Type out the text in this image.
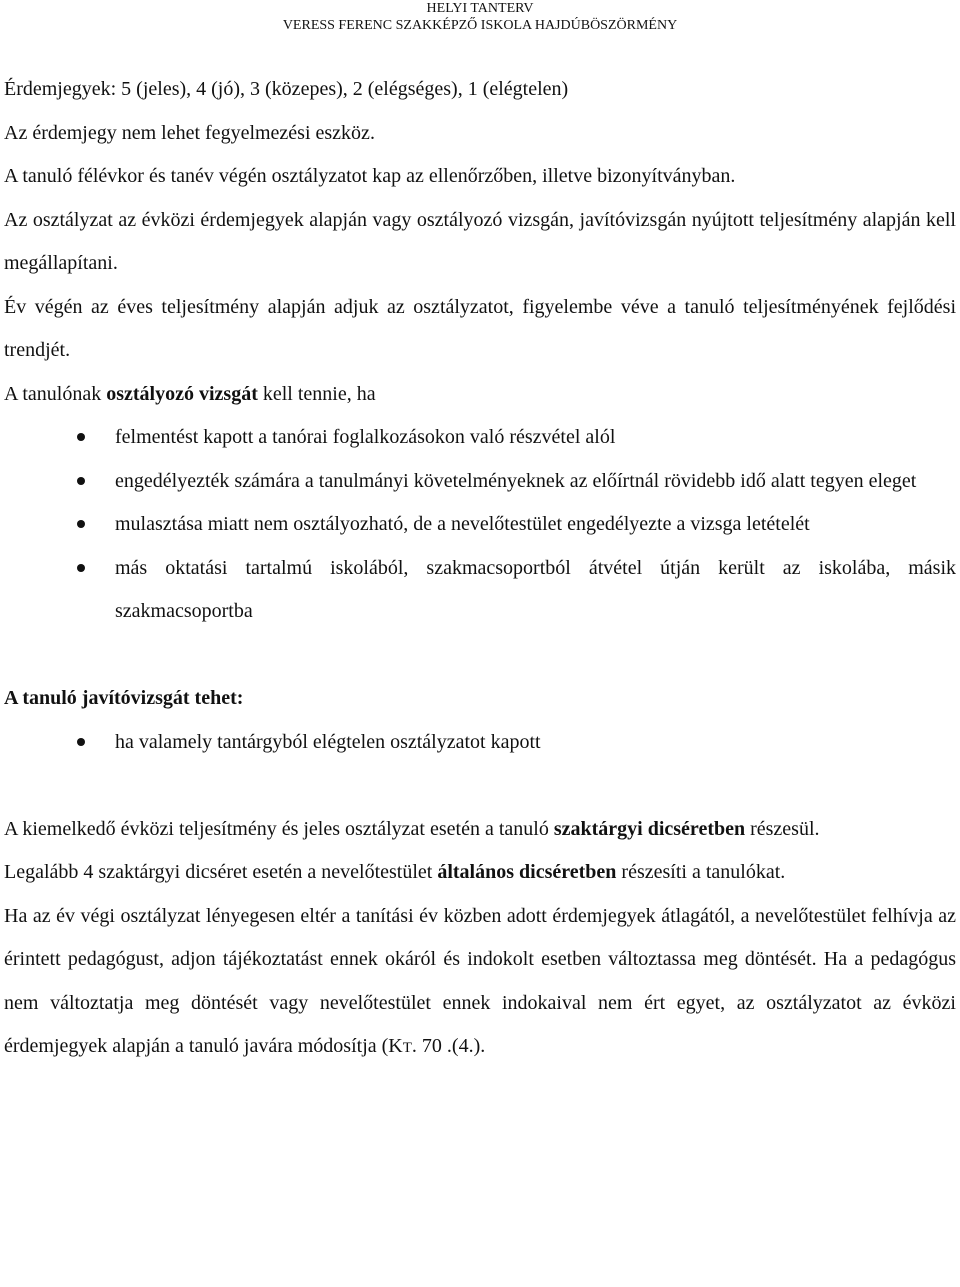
HELYI TANTERV
VERESS FERENC SZAKKÉPZŐ ISKOLA HAJDÚBÖSZÖRMÉNY

Érdemjegyek: 5 (jeles), 4 (jó), 3 (közepes), 2 (elégséges), 1 (elégtelen)

Az érdemjegy nem lehet fegyelmezési eszköz.

A tanuló félévkor és tanév végén osztályzatot kap az ellenőrzőben, illetve bizonyítványban.

Az osztályzat az évközi érdemjegyek alapján vagy osztályozó vizsgán, javítóvizsgán nyújtott teljesítmény alapján kell megállapítani.

Év végén az éves teljesítmény alapján adjuk az osztályzatot, figyelembe véve a tanuló teljesítményének fejlődési trendjét.

A tanulónak osztályozó vizsgát kell tennie, ha

felmentést kapott a tanórai foglalkozásokon való részvétel alól
engedélyezték számára a tanulmányi követelményeknek az előírtnál rövidebb idő alatt tegyen eleget
mulasztása miatt nem osztályozható, de a nevelőtestület engedélyezte a vizsga letételét
más oktatási tartalmú iskolából, szakmacsoportból átvétel útján került az iskolába, másik szakmacsoportba

A tanuló javítóvizsgát tehet:

ha valamely tantárgyból elégtelen osztályzatot kapott

A kiemelkedő évközi teljesítmény és jeles osztályzat esetén a tanuló szaktárgyi dicséretben részesül.

Legalább 4 szaktárgyi dicséret esetén a nevelőtestület általános dicséretben részesíti a tanulókat.

Ha az év végi osztályzat lényegesen eltér a tanítási év közben adott érdemjegyek átlagától, a nevelőtestület felhívja az érintett pedagógust, adjon tájékoztatást ennek okáról és indokolt esetben változtassa meg döntését. Ha a pedagógus nem változtatja meg döntését vagy nevelőtestület ennek indokaival nem ért egyet, az osztályzatot az évközi érdemjegyek alapján a tanuló javára módosítja (KT. 70 .(4.).
